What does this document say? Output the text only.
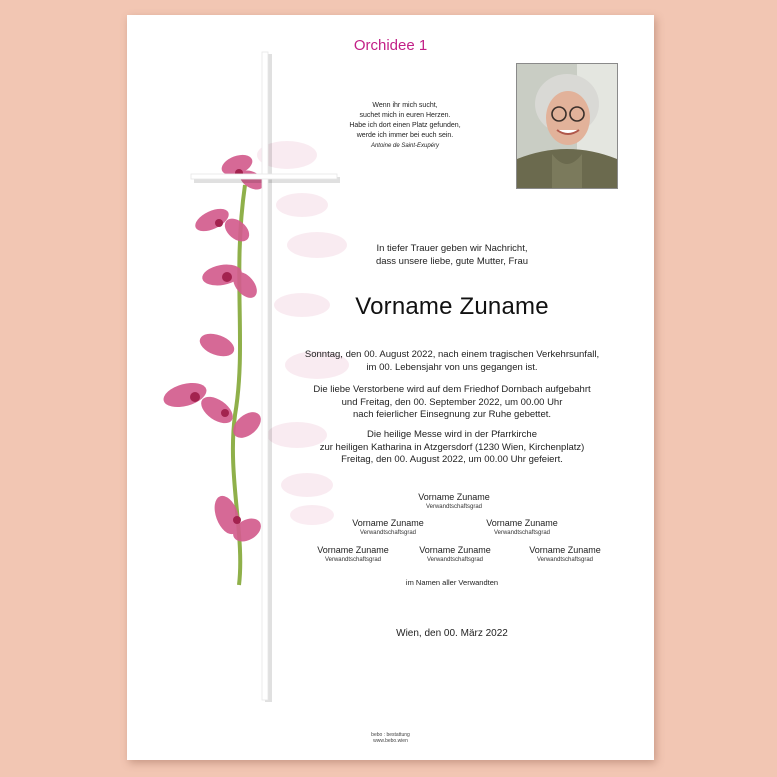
Orchidee 1
Wenn ihr mich sucht,
suchet mich in euren Herzen.
Habe ich dort einen Platz gefunden,
werde ich immer bei euch sein.
Antoine de Saint-Exupéry
In tiefer Trauer geben wir Nachricht,
dass unsere liebe, gute Mutter, Frau
Vorname Zuname
Sonntag, den 00. August 2022, nach einem tragischen Verkehrsunfall,
im 00. Lebensjahr von uns gegangen ist.
Die liebe Verstorbene wird auf dem Friedhof Dornbach aufgebahrt
und Freitag, den 00. September 2022, um 00.00 Uhr
nach feierlicher Einsegnung zur Ruhe gebettet.
Die heilige Messe wird in der Pfarrkirche
zur heiligen Katharina in Atzgersdorf (1230 Wien, Kirchenplatz)
Freitag, den 00. August 2022, um 00.00 Uhr gefeiert.
Vorname Zuname
Verwandtschaftsgrad
Vorname Zuname
Verwandtschaftsgrad
Vorname Zuname
Verwandtschaftsgrad
Vorname Zuname
Verwandtschaftsgrad
Vorname Zuname
Verwandtschaftsgrad
Vorname Zuname
Verwandtschaftsgrad
im Namen aller Verwandten
Wien, den 00. März 2022
bebo : bestattung
www.bebo.wien
